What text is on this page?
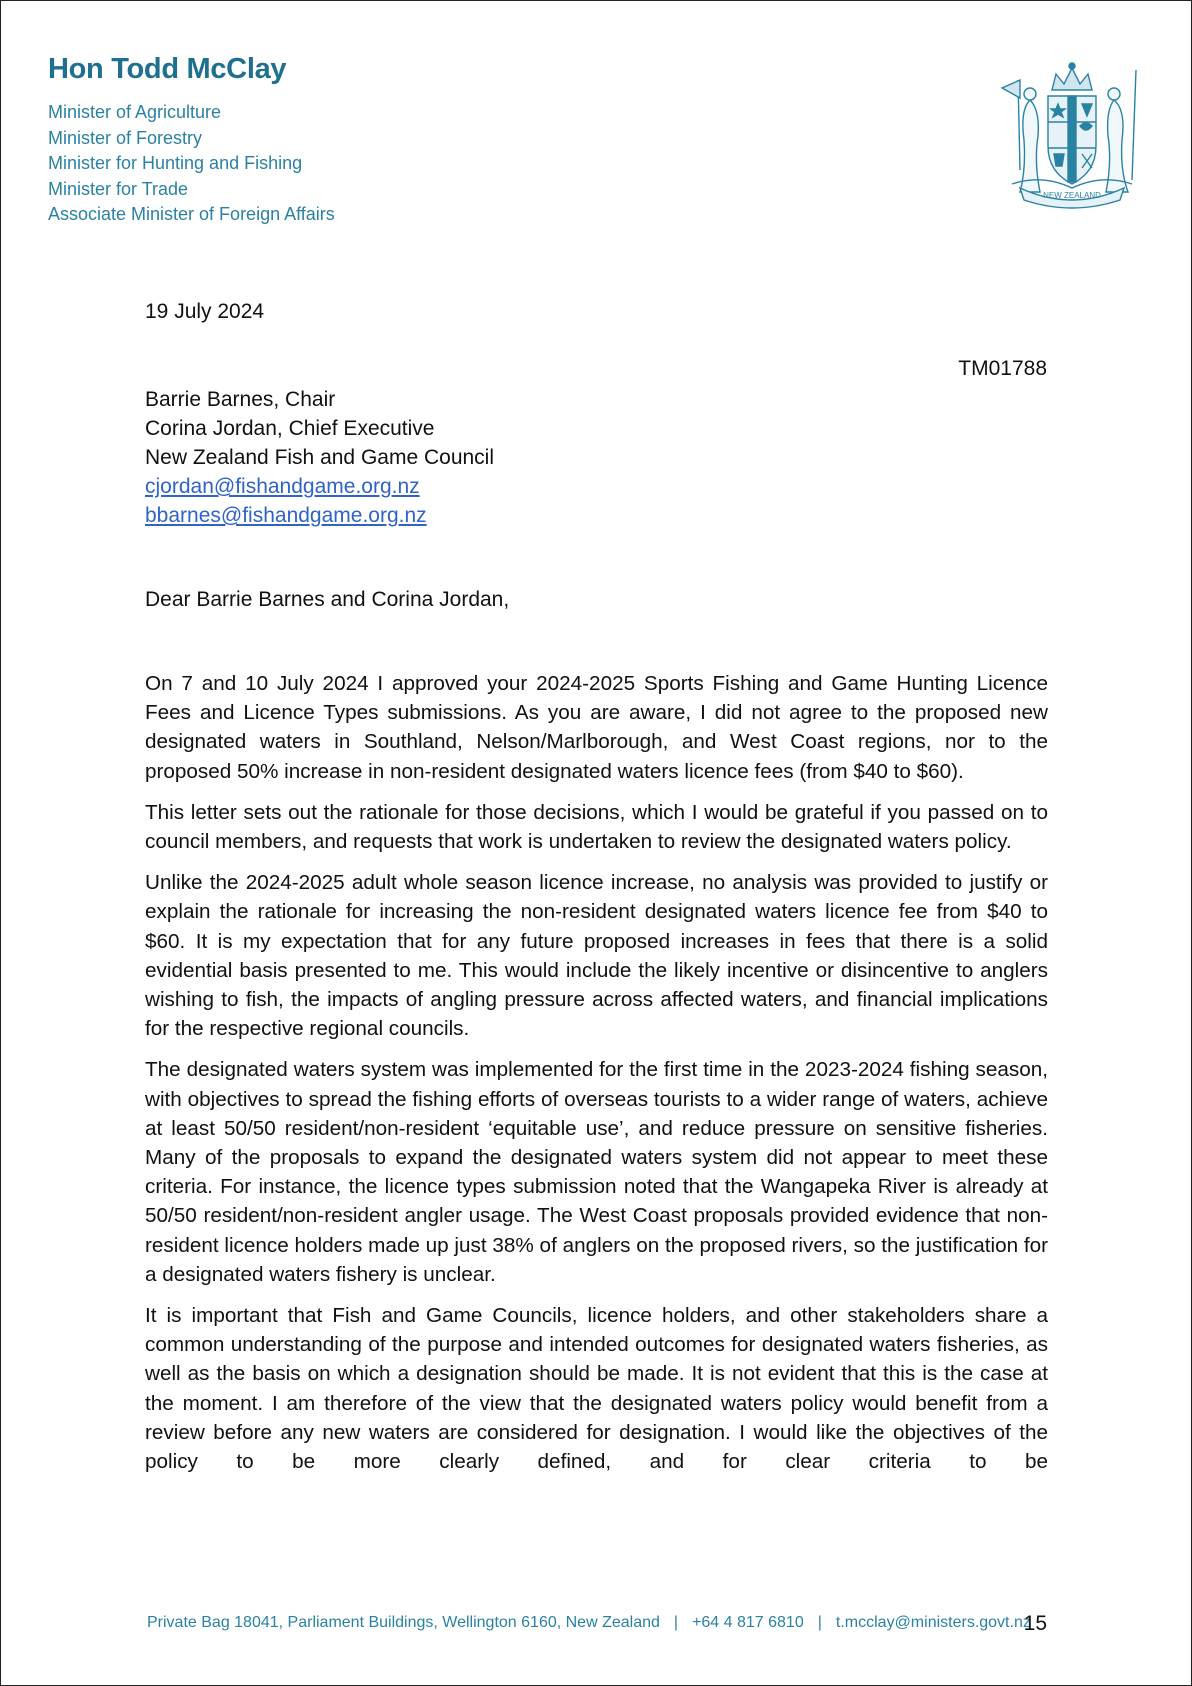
Hon Todd McClay
Minister of Agriculture
Minister of Forestry
Minister for Hunting and Fishing
Minister for Trade
Associate Minister of Foreign Affairs
NEW ZEALAND
19 July 2024
TM01788
Barrie Barnes, Chair
Corina Jordan, Chief Executive
New Zealand Fish and Game Council
cjordan@fishandgame.org.nz
bbarnes@fishandgame.org.nz
Dear Barrie Barnes and Corina Jordan,

On 7 and 10 July 2024 I approved your 2024-2025 Sports Fishing and Game Hunting Licence Fees and Licence Types submissions. As you are aware, I did not agree to the proposed new designated waters in Southland, Nelson/Marlborough, and West Coast regions, nor to the proposed 50% increase in non-resident designated waters licence fees (from $40 to $60).

This letter sets out the rationale for those decisions, which I would be grateful if you passed on to council members, and requests that work is undertaken to review the designated waters policy.

Unlike the 2024-2025 adult whole season licence increase, no analysis was provided to justify or explain the rationale for increasing the non-resident designated waters licence fee from $40 to $60. It is my expectation that for any future proposed increases in fees that there is a solid evidential basis presented to me. This would include the likely incentive or disincentive to anglers wishing to fish, the impacts of angling pressure across affected waters, and financial implications for the respective regional councils.

The designated waters system was implemented for the first time in the 2023-2024 fishing season, with objectives to spread the fishing efforts of overseas tourists to a wider range of waters, achieve at least 50/50 resident/non-resident ‘equitable use’, and reduce pressure on sensitive fisheries. Many of the proposals to expand the designated waters system did not appear to meet these criteria. For instance, the licence types submission noted that the Wangapeka River is already at 50/50 resident/non-resident angler usage. The West Coast proposals provided evidence that non-resident licence holders made up just 38% of anglers on the proposed rivers, so the justification for a designated waters fishery is unclear.

It is important that Fish and Game Councils, licence holders, and other stakeholders share a common understanding of the purpose and intended outcomes for designated waters fisheries, as well as the basis on which a designation should be made. It is not evident that this is the case at the moment. I am therefore of the view that the designated waters policy would benefit from a review before any new waters are considered for designation. I would like the objectives of the policy to be more clearly defined, and for clear criteria to be

Private Bag 18041, Parliament Buildings, Wellington 6160, New Zealand | +64 4 817 6810 | t.mcclay@ministers.govt.nz
15
